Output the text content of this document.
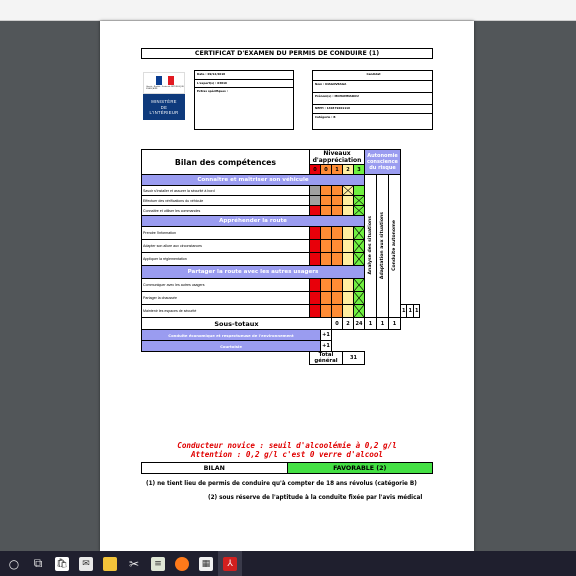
CERTIFICAT D'EXAMEN DU PERMIS DE CONDUIRE (1)
Liberté • Égalité • Fraternité RÉPUBLIQUE FRANÇAISE
MINISTÈRE
DE
L'INTÉRIEUR
Date : 09/12/2018
L'expert(s) : 03816
Extras spécifiques :
Candidat
Nom : DIAGOVRAGA
Prénom(s) : MOHAMMADOU
NEPH : 140479201116
Catégorie : B
Bilan des compétences	Niveaux d'appréciation					Autonomie conscience du risque					
	0	0	1	2	3						
Connaître et maîtriser son véhicule						Analyse des situations	Adaptation aux situations	Conduite autonome			
Savoir s'installer et assurer la sécurité à bord				

Effectuer des vérifications du véhicule					

Connaître et utiliser les commandes					

Appréhender la route											
Prendre l'information					

Adapter son allure aux circonstances					

Appliquer la réglementation					

Partager la route avec les autres usagers											
Communiquer avec les autres usagers					

Partager la chaussée					

Maintenir les espaces de sécurité									1	1	1
Sous-totaux			0	2	24	1	1	1			
Conduite économique et respectueuse de l'environnement		+1									
Courtoisie		+1									
	Total général			31							
Conducteur novice : seuil d'alcoolémie à 0,2 g/l
Attention : 0,2 g/l c'est 0 verre d'alcool
BILAN	FAVORABLE (2)
(1) ne tient lieu de permis de conduire qu'à compter de 18 ans révolus (catégorie B)
(2) sous réserve de l'aptitude à la conduite fixée par l'avis médical
○	⧉	🛍	✉	✂	≡	▦	⅄
